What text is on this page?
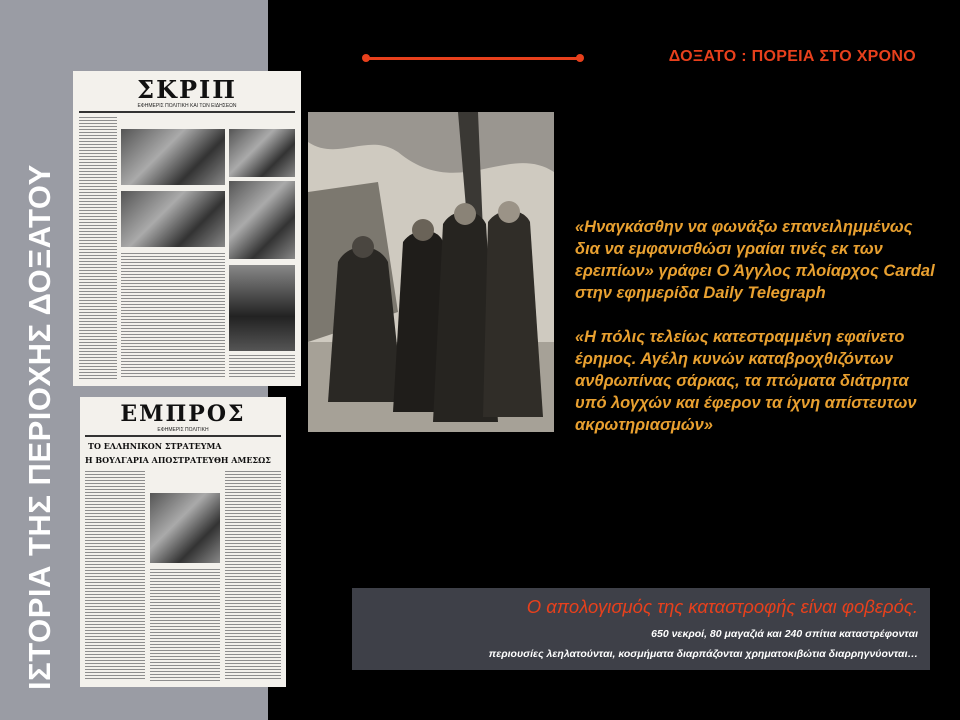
ΙΣΤΟΡΙΑ ΤΗΣ ΠΕΡΙΟΧΗΣ ΔΟΞΑΤΟΥ
ΔΟΞΑΤΟ : ΠΟΡΕΙΑ ΣΤΟ ΧΡΟΝΟ
ΣΚΡΙΠ
ΕΦΗΜΕΡΙΣ ΠΟΛΙΤΙΚΗ ΚΑΙ ΤΩΝ ΕΙΔΗΣΕΩΝ
ΕΜΠΡΟΣ
ΕΦΗΜΕΡΙΣ ΠΟΛΙΤΙΚΗ
ΤΟ ΕΛΛΗΝΙΚΟΝ ΣΤΡΑΤΕΥΜΑ
Η ΒΟΥΛΓΑΡΙΑ ΑΠΟΣΤΡΑΤΕΥΘΗ ΑΜΕΣΩΣ

«Ηναγκάσθην να φωνάξω επανειλημμένως δια να εμφανισθώσι γραίαι τινές εκ των ερειπίων» γράφει Ο Άγγλος πλοίαρχος Cardal στην εφημερίδα Daily Telegraph

«Η πόλις τελείως κατεστραμμένη εφαίνετο έρημος. Αγέλη κυνών καταβροχθιζόντων ανθρωπίνας σάρκας, τα πτώματα διάτρητα υπό λογχών και έφερον τα ίχνη απίστευτων ακρωτηριασμών»

Ο απολογισμός της καταστροφής είναι φοβερός.
650 νεκροί, 80 μαγαζιά και 240 σπίτια καταστρέφονται
περιουσίες λεηλατούνται, κοσμήματα διαρπάζονται χρηματοκιβώτια διαρρηγνύονται…
